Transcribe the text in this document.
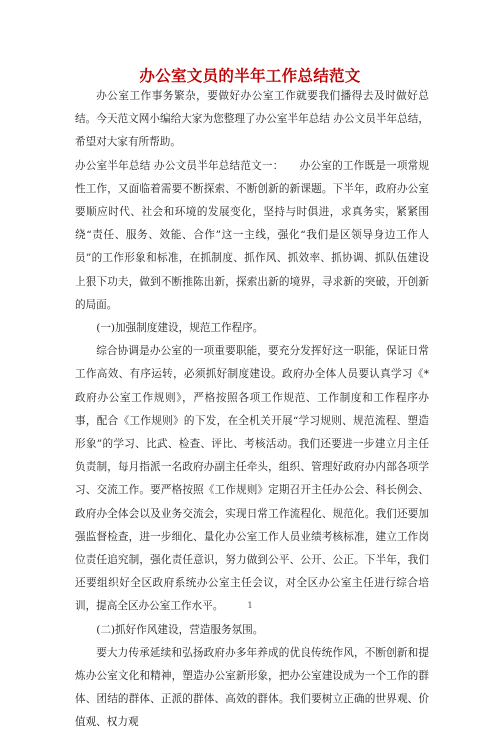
办公室文员的半年工作总结范文

办公室工作事务繁杂，要做好办公室工作就要我们播得去及时做好总结。今天范文网小编给大家为您整理了办公室半年总结 办公文员半年总结，希望对大家有所帮助。

办公室半年总结 办公文员半年总结范文一：　　办公室的工作既是一项常规性工作，又面临着需要不断探索、不断创新的新课题。下半年，政府办公室要顺应时代、社会和环境的发展变化，坚持与时俱进，求真务实，紧紧围绕“责任、服务、效能、合作”这一主线，强化“我们是区领导身边工作人员”的工作形象和标准，在抓制度、抓作风、抓效率、抓协调、抓队伍建设上狠下功夫，做到不断推陈出新，探索出新的境界，寻求新的突破，开创新的局面。

(一)加强制度建设，规范工作程序。

综合协调是办公室的一项重要职能，要充分发挥好这一职能，保证日常工作高效、有序运转，必须抓好制度建设。政府办全体人员要认真学习《*政府办公室工作规则》，严格按照各项工作规范、工作制度和工作程序办事，配合《工作规则》的下发，在全机关开展“学习规则、规范流程、塑造形象”的学习、比武、检查、评比、考核活动。我们还要进一步建立月主任负责制，每月指派一名政府办副主任牵头，组织、管理好政府办内部各项学习、交流工作。要严格按照《工作规则》定期召开主任办公会、科长例会、政府办全体会以及业务交流会，实现日常工作流程化、规范化。我们还要加强监督检查，进一步细化、量化办公室工作人员业绩考核标准，建立工作岗位责任追究制，强化责任意识，努力做到公平、公开、公正。下半年，我们还要组织好全区政府系统办公室主任会议，对全区办公室主任进行综合培训，提高全区办公室工作水平。

(二)抓好作风建设，营造服务氛围。

要大力传承延续和弘扬政府办多年养成的优良传统作风，不断创新和提炼办公室文化和精神，塑造办公室新形象，把办公室建设成为一个工作的群体、团结的群体、正派的群体、高效的群体。我们要树立正确的世界观、价值观、权力观

1
